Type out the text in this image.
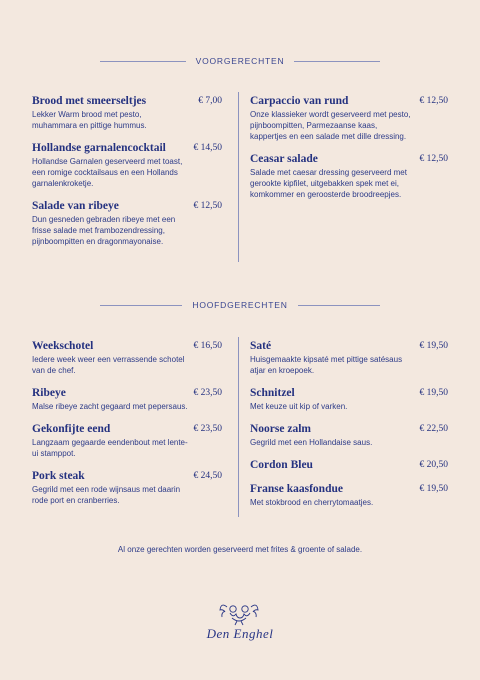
VOORGERECHTEN
Brood met smeerseltjes	€ 7,00
Lekker Warm brood met pesto, muhammara en pittige hummus.
Hollandse garnalencocktail	€ 14,50
Hollandse Garnalen geserveerd met toast, een romige cocktailsaus en een Hollands garnalenkroketje.
Salade van ribeye	€ 12,50
Dun gesneden gebraden ribeye met een frisse salade met frambozendressing, pijnboompitten en dragonmayonaise.
Carpaccio van rund	€ 12,50
Onze klassieker wordt geserveerd met pesto, pijnboompitten, Parmezaanse kaas, kappertjes en een salade met dille dressing.
Ceasar salade	€ 12,50
Salade met caesar dressing geserveerd met gerookte kipfilet, uitgebakken spek met ei, komkommer en geroosterde broodreepjes.
HOOFDGERECHTEN
Weekschotel	€ 16,50
Iedere week weer een verrassende schotel van de chef.
Ribeye	€ 23,50
Malse ribeye zacht gegaard met pepersaus.
Gekonfijte eend	€ 23,50
Langzaam gegaarde eendenbout met lente-ui stamppot.
Pork steak	€ 24,50
Gegrild met een rode wijnsaus met daarin rode port en cranberries.
Saté	€ 19,50
Huisgemaakte kipsaté met pittige satésaus atjar en kroepoek.
Schnitzel	€ 19,50
Met keuze uit kip of varken.
Noorse zalm	€ 22,50
Gegrild met een Hollandaise saus.
Cordon Bleu	€ 20,50
Franse kaasfondue	€ 19,50
Met stokbrood en cherrytomaatjes.
Al onze gerechten worden geserveerd met frites & groente of salade.
Den Enghel
